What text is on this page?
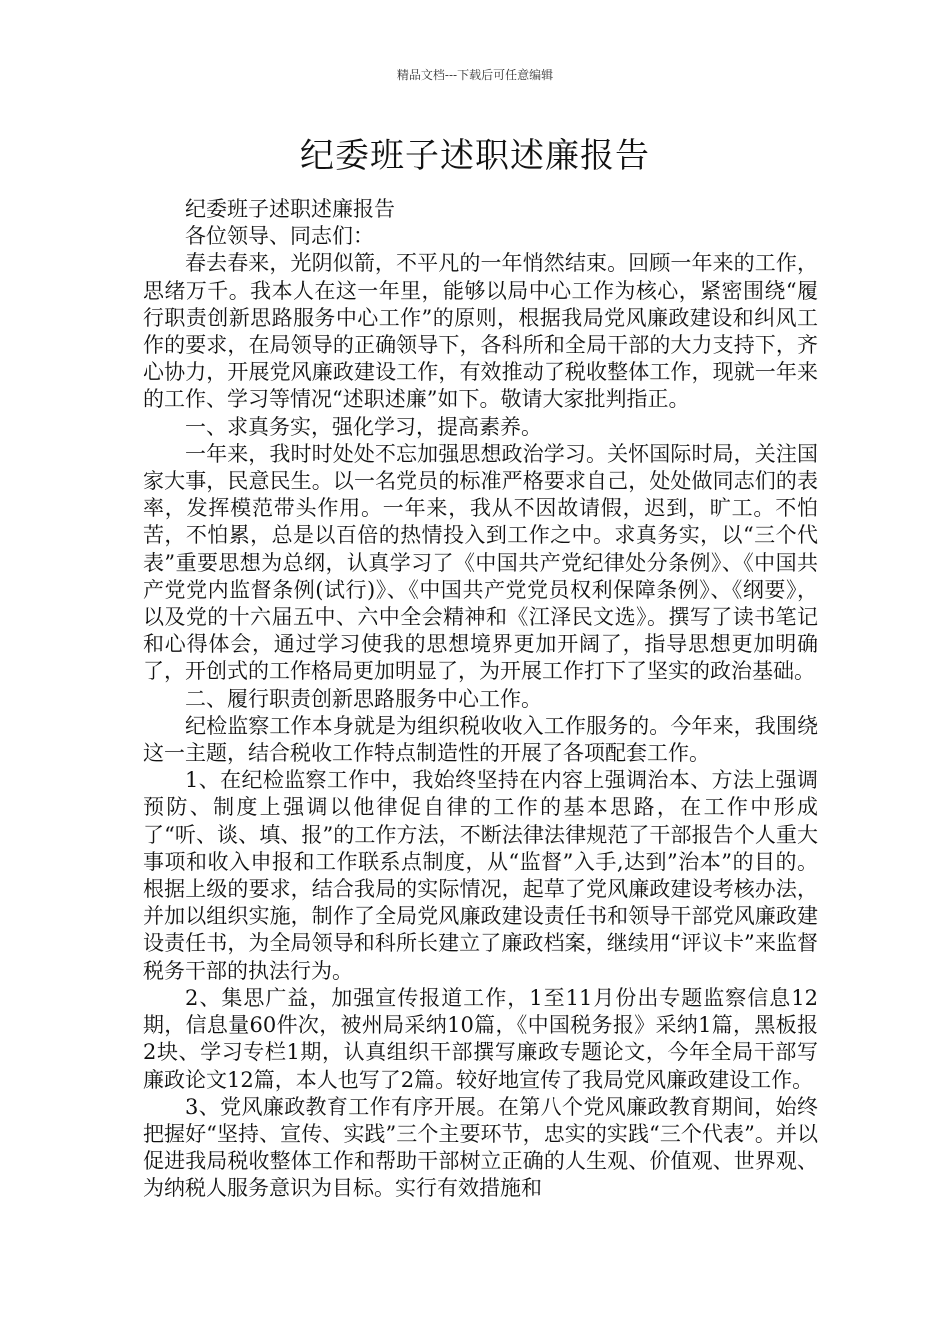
精品文档---下载后可任意编辑
纪委班子述职述廉报告

纪委班子述职述廉报告

各位领导、同志们：

春去春来，光阴似箭，不平凡的一年悄然结束。回顾一年来的工作，思绪万千。我本人在这一年里，能够以局中心工作为核心，紧密围绕“履行职责创新思路服务中心工作”的原则，根据我局党风廉政建设和纠风工作的要求，在局领导的正确领导下，各科所和全局干部的大力支持下，齐心协力，开展党风廉政建设工作，有效推动了税收整体工作，现就一年来的工作、学习等情况“述职述廉”如下。敬请大家批判指正。

一、求真务实，强化学习，提高素养。

一年来，我时时处处不忘加强思想政治学习。关怀国际时局，关注国家大事，民意民生。以一名党员的标准严格要求自己，处处做同志们的表率，发挥模范带头作用。一年来，我从不因故请假，迟到，旷工。不怕苦，不怕累，总是以百倍的热情投入到工作之中。求真务实，以“三个代表”重要思想为总纲，认真学习了《中国共产党纪律处分条例》、《中国共产党党内监督条例(试行)》、《中国共产党党员权利保障条例》、《纲要》，以及党的十六届五中、六中全会精神和《江泽民文选》。撰写了读书笔记和心得体会，通过学习使我的思想境界更加开阔了，指导思想更加明确了，开创式的工作格局更加明显了，为开展工作打下了坚实的政治基础。

二、履行职责创新思路服务中心工作。

纪检监察工作本身就是为组织税收收入工作服务的。今年来，我围绕这一主题，结合税收工作特点制造性的开展了各项配套工作。

1、在纪检监察工作中，我始终坚持在内容上强调治本、方法上强调预防、制度上强调以他律促自律的工作的基本思路，在工作中形成了“听、谈、填、报”的工作方法，不断法律法律规范了干部报告个人重大事项和收入申报和工作联系点制度，从“监督”入手,达到”治本”的目的。根据上级的要求，结合我局的实际情况，起草了党风廉政建设考核办法，并加以组织实施，制作了全局党风廉政建设责任书和领导干部党风廉政建设责任书，为全局领导和科所长建立了廉政档案，继续用“评议卡”来监督税务干部的执法行为。

2、集思广益，加强宣传报道工作，1至11月份出专题监察信息12期，信息量60件次，被州局采纳10篇，《中国税务报》采纳1篇，黑板报2块、学习专栏1期，认真组织干部撰写廉政专题论文，今年全局干部写廉政论文12篇，本人也写了2篇。较好地宣传了我局党风廉政建设工作。

3、党风廉政教育工作有序开展。在第八个党风廉政教育期间，始终把握好“坚持、宣传、实践”三个主要环节，忠实的实践“三个代表”。并以促进我局税收整体工作和帮助干部树立正确的人生观、价值观、世界观、为纳税人服务意识为目标。实行有效措施和
